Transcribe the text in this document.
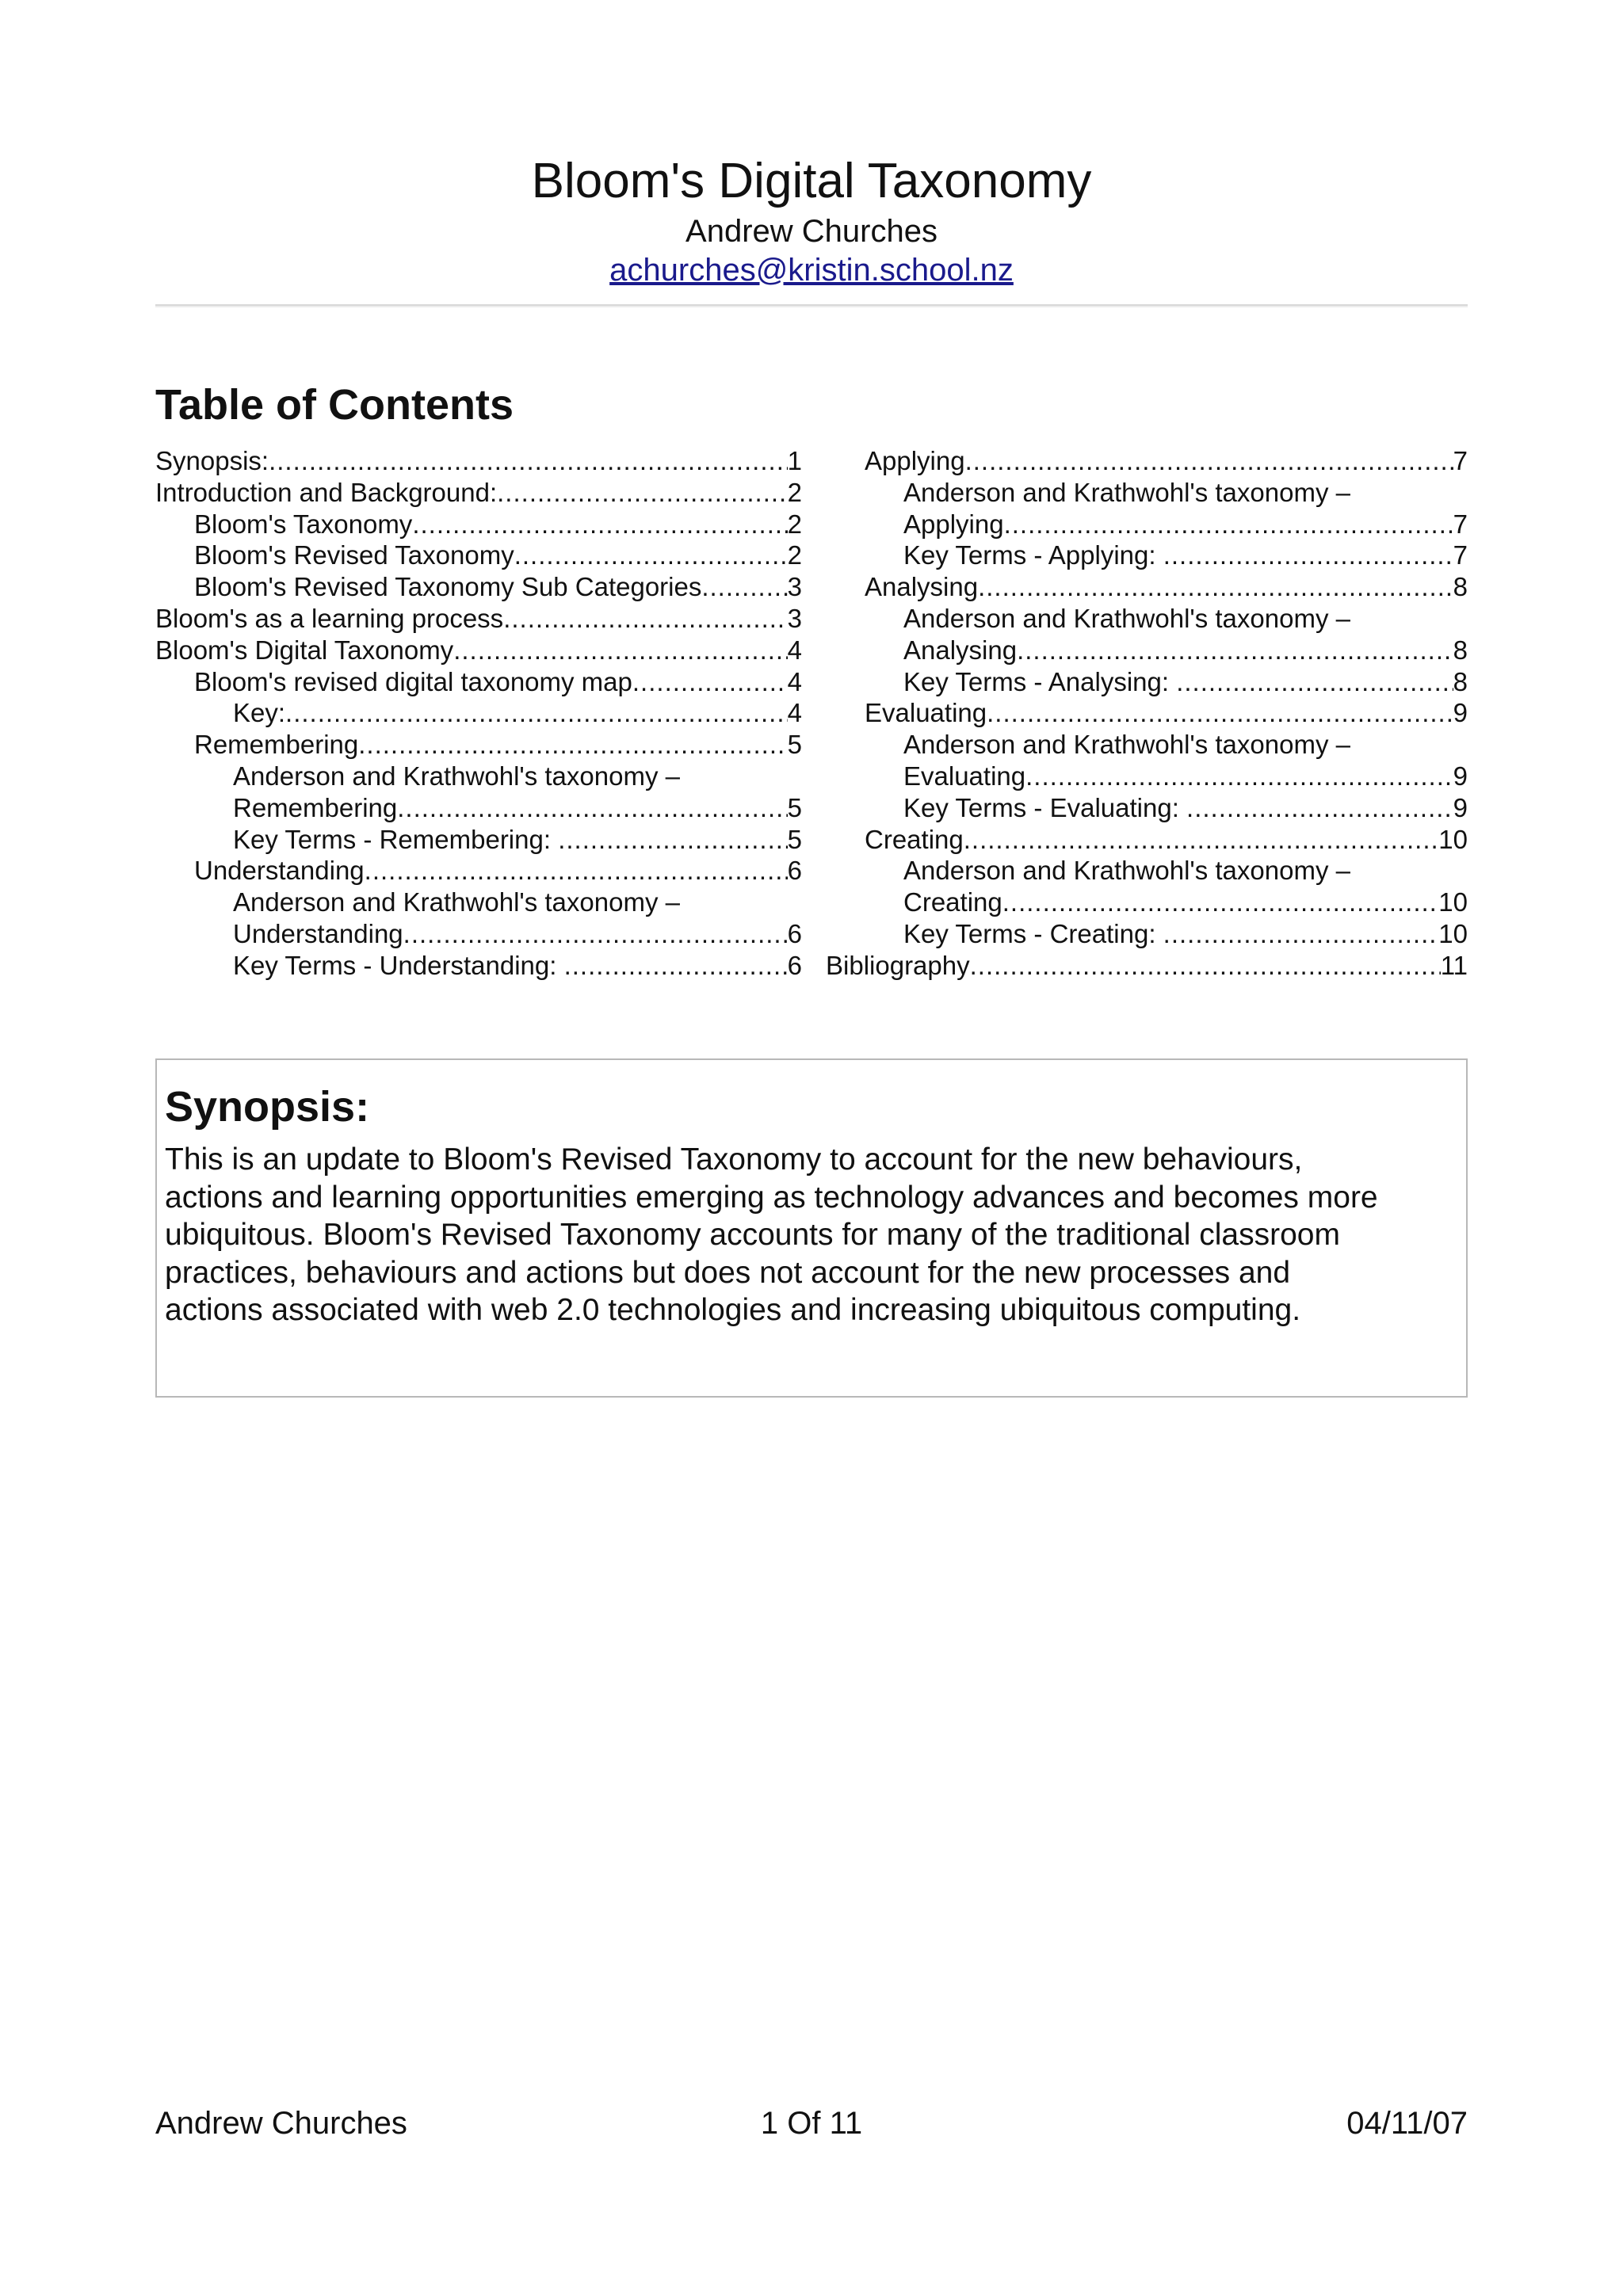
Bloom's Digital Taxonomy
Andrew Churches
achurches@kristin.school.nz
Table of Contents
Synopsis: .....	1
Introduction and Background: .....	2
Bloom's Taxonomy .....	2
Bloom's Revised Taxonomy .....	2
Bloom's Revised Taxonomy Sub Categories .....	3
Bloom's as a learning process .....	3
Bloom's Digital Taxonomy .....	4
Bloom's revised digital taxonomy map .....	4
Key: .....	4
Remembering .....	5
Anderson and Krathwohl's taxonomy –
Remembering .....	5
Key Terms - Remembering: .....	5
Understanding .....	6
Anderson and Krathwohl's taxonomy –
Understanding .....	6
Key Terms - Understanding: .....	6
Applying .....	7
Anderson and Krathwohl's taxonomy –
Applying .....	7
Key Terms - Applying: .....	7
Analysing .....	8
Anderson and Krathwohl's taxonomy –
Analysing .....	8
Key Terms - Analysing: .....	8
Evaluating .....	9
Anderson and Krathwohl's taxonomy –
Evaluating .....	9
Key Terms - Evaluating: .....	9
Creating .....	10
Anderson and Krathwohl's taxonomy –
Creating .....	10
Key Terms - Creating: .....	10
Bibliography .....	11
Synopsis:
This is an update to Bloom's Revised Taxonomy to account for the new behaviours,
actions and learning opportunities emerging as technology advances and becomes more
ubiquitous. Bloom's Revised Taxonomy accounts for many of the traditional classroom
practices, behaviours and actions but does not account for the new processes and
actions associated with web 2.0 technologies and increasing ubiquitous computing.
Andrew Churches	1 Of 11	04/11/07
